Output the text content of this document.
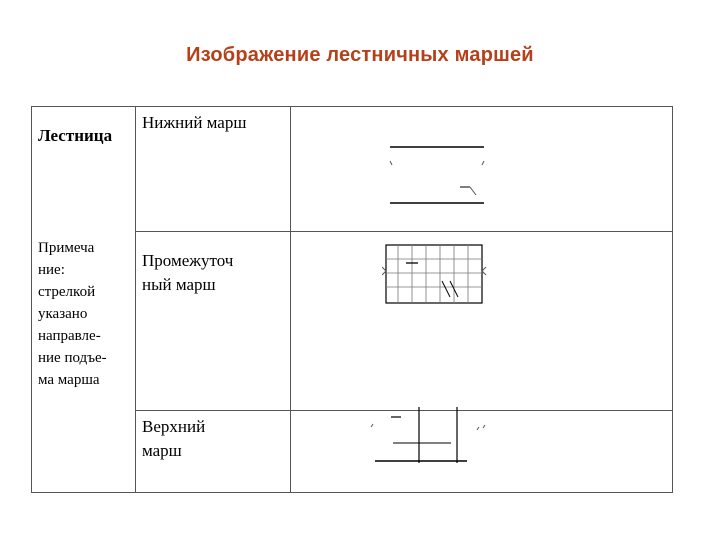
Изображение лестничных маршей
Лестница
Примеча
ние:
стрелкой
указано
направле-
ние подъе-
ма марша
Нижний марш
Промежуточ
ный марш
Верхний
марш
